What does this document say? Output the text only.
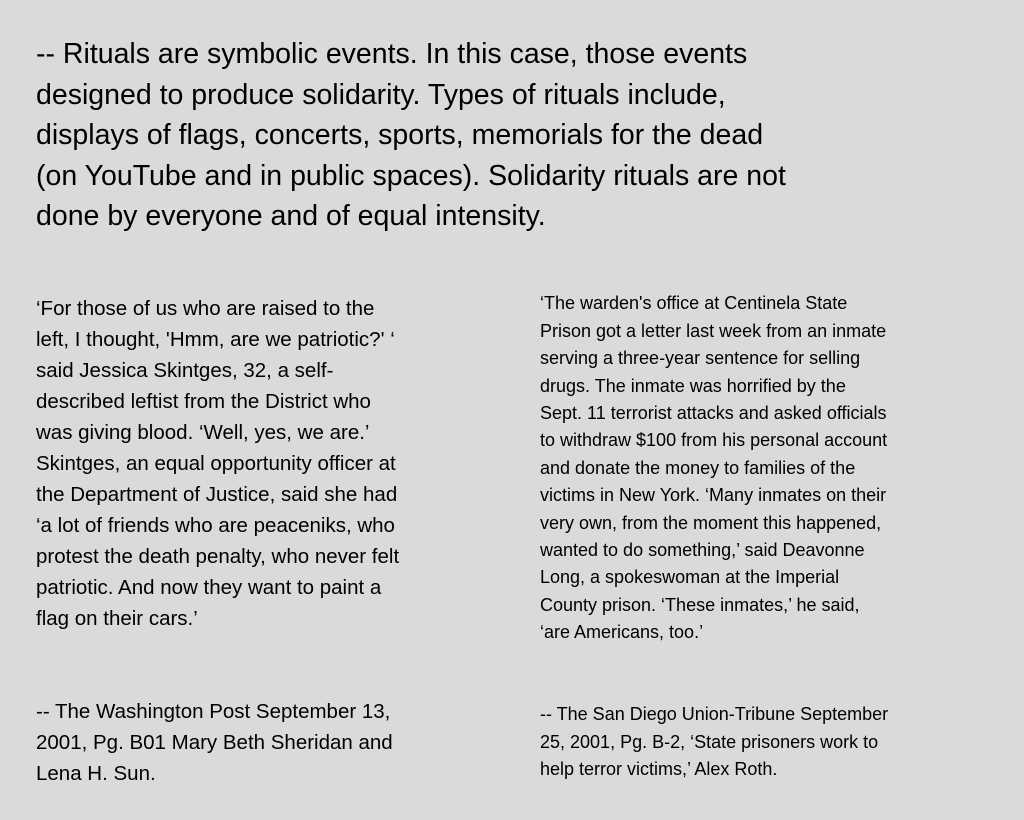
-- Rituals are symbolic events. In this case, those events
designed to produce solidarity. Types of rituals include,
displays of flags, concerts, sports, memorials for the dead
(on YouTube and in public spaces). Solidarity rituals are not
done by everyone and of equal intensity.

‘For those of us who are raised to the
left, I thought, 'Hmm, are we patriotic?' ‘
said Jessica Skintges, 32, a self-
described leftist from the District who
was giving blood. ‘Well, yes, we are.’
Skintges, an equal opportunity officer at
the Department of Justice, said she had
‘a lot of friends who are peaceniks, who
protest the death penalty, who never felt
patriotic. And now they want to paint a
flag on their cars.’

-- The Washington Post September 13,
2001, Pg. B01 Mary Beth Sheridan and
Lena H. Sun.

‘The warden's office at Centinela State
Prison got a letter last week from an inmate
serving a three-year sentence for selling
drugs. The inmate was horrified by the
Sept. 11 terrorist attacks and asked officials
to withdraw $100 from his personal account
and donate the money to families of the
victims in New York. ‘Many inmates on their
very own, from the moment this happened,
wanted to do something,’ said Deavonne
Long, a spokeswoman at the Imperial
County prison. ‘These inmates,’ he said,
‘are Americans, too.’

-- The San Diego Union-Tribune September
25, 2001, Pg. B-2, ‘State prisoners work to
help terror victims,’ Alex Roth.
